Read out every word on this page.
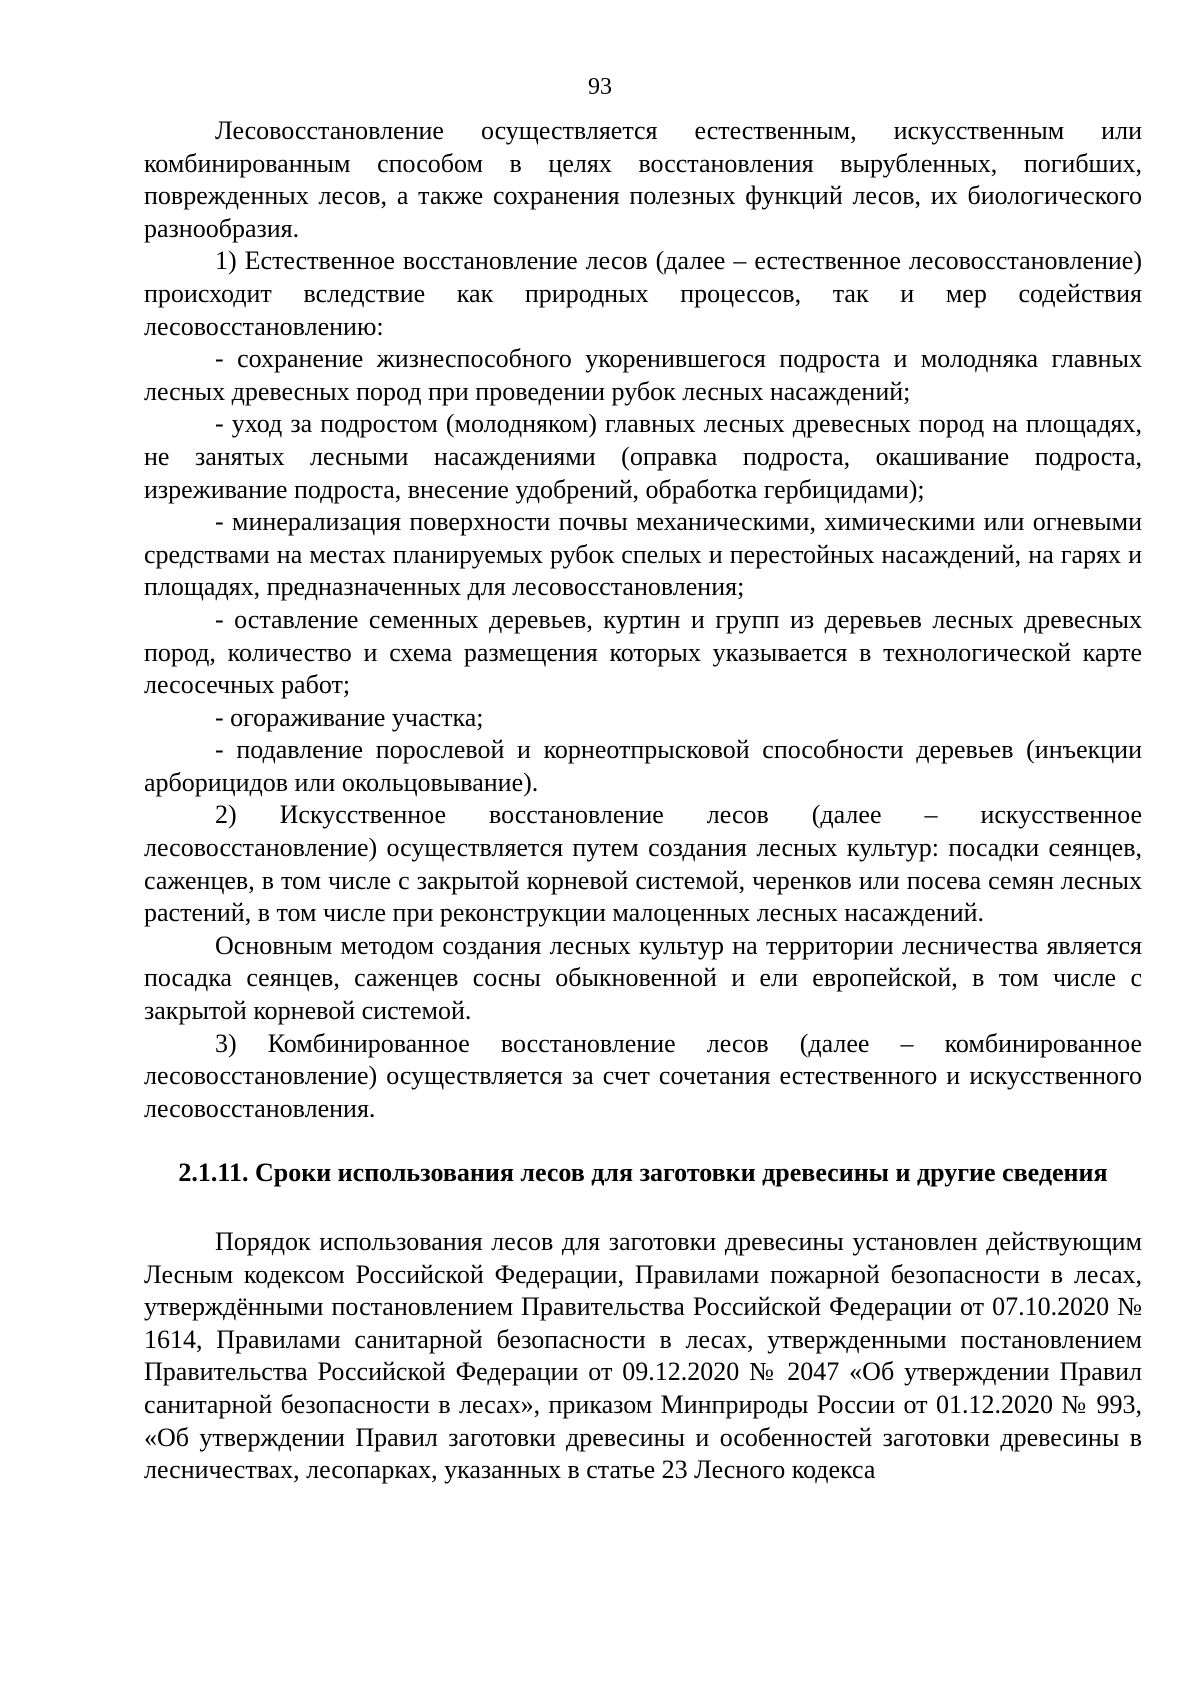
93

Лесовосстановление осуществляется естественным, искусственным или комбинированным способом в целях восстановления вырубленных, погибших, поврежденных лесов, а также сохранения полезных функций лесов, их биологического разнообразия.

1) Естественное восстановление лесов (далее – естественное лесовосстановление) происходит вследствие как природных процессов, так и мер содействия лесовосстановлению:

- сохранение жизнеспособного укоренившегося подроста и молодняка главных лесных древесных пород при проведении рубок лесных насаждений;

- уход за подростом (молодняком) главных лесных древесных пород на площадях, не занятых лесными насаждениями (оправка подроста, окашивание подроста, изреживание подроста, внесение удобрений, обработка гербицидами);

- минерализация поверхности почвы механическими, химическими или огневыми средствами на местах планируемых рубок спелых и перестойных насаждений, на гарях и площадях, предназначенных для лесовосстановления;

- оставление семенных деревьев, куртин и групп из деревьев лесных древесных пород, количество и схема размещения которых указывается в технологической карте лесосечных работ;

- огораживание участка;

- подавление порослевой и корнеотпрысковой способности деревьев (инъекции арборицидов или окольцовывание).

2) Искусственное восстановление лесов (далее – искусственное лесовосстановление) осуществляется путем создания лесных культур: посадки сеянцев, саженцев, в том числе с закрытой корневой системой, черенков или посева семян лесных растений, в том числе при реконструкции малоценных лесных насаждений.

Основным методом создания лесных культур на территории лесничества является посадка сеянцев, саженцев сосны обыкновенной и ели европейской, в том числе с закрытой корневой системой.

3) Комбинированное восстановление лесов (далее – комбинированное лесовосстановление) осуществляется за счет сочетания естественного и искусственного лесовосстановления.

2.1.11. Сроки использования лесов для заготовки древесины и другие сведения

Порядок использования лесов для заготовки древесины установлен действующим Лесным кодексом Российской Федерации, Правилами пожарной безопасности в лесах, утверждёнными постановлением Правительства Российской Федерации от 07.10.2020 № 1614, Правилами санитарной безопасности в лесах, утвержденными постановлением Правительства Российской Федерации от 09.12.2020 № 2047 «Об утверждении Правил санитарной безопасности в лесах», приказом Минприроды России от 01.12.2020 № 993, «Об утверждении Правил заготовки древесины и особенностей заготовки древесины в лесничествах, лесопарках, указанных в статье 23 Лесного кодекса
